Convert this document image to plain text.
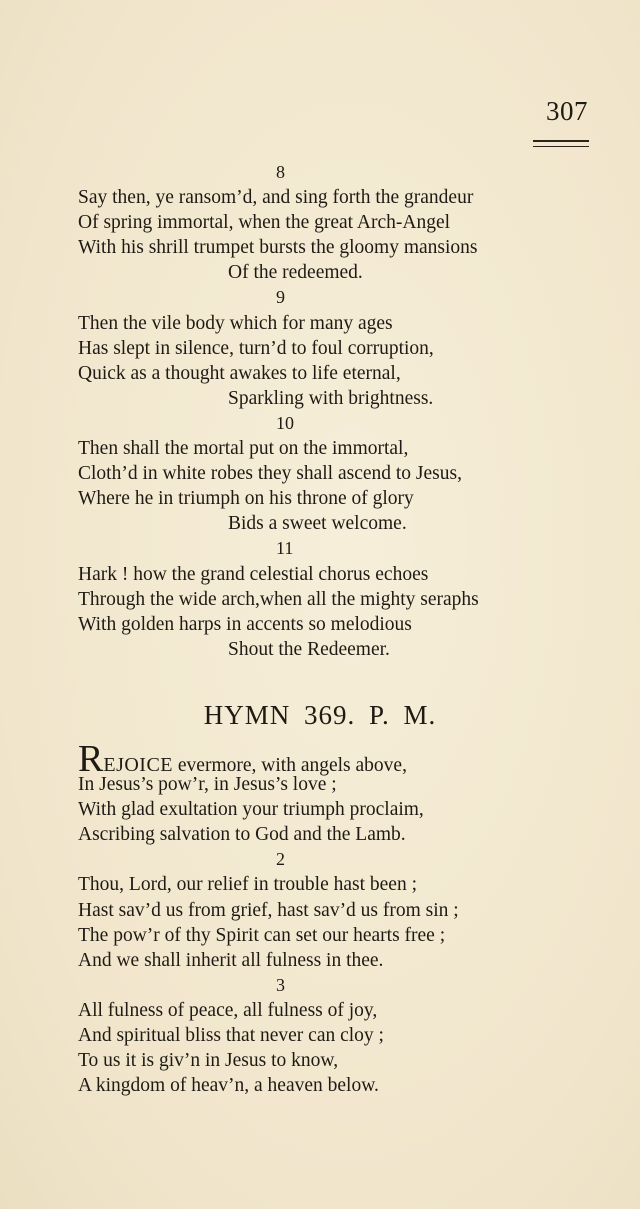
307
8
Say then, ye ransom’d, and sing forth the grandeur
Of spring immortal, when the great Arch-Angel
With his shrill trumpet bursts the gloomy mansions
Of the redeemed.
9
Then the vile body which for many ages
Has slept in silence, turn’d to foul corruption,
Quick as a thought awakes to life eternal,
Sparkling with brightness.
10
Then shall the mortal put on the immortal,
Cloth’d in white robes they shall ascend to Jesus,
Where he in triumph on his throne of glory
Bids a sweet welcome.
11
Hark ! how the grand celestial chorus echoes
Through the wide arch,when all the mighty seraphs
With golden harps in accents so melodious
Shout the Redeemer.
HYMN 369. P. M.
REJOICE evermore, with angels above,
In Jesus’s pow’r, in Jesus’s love ;
With glad exultation your triumph proclaim,
Ascribing salvation to God and the Lamb.
2
Thou, Lord, our relief in trouble hast been ;
Hast sav’d us from grief, hast sav’d us from sin ;
The pow’r of thy Spirit can set our hearts free ;
And we shall inherit all fulness in thee.
3
All fulness of peace, all fulness of joy,
And spiritual bliss that never can cloy ;
To us it is giv’n in Jesus to know,
A kingdom of heav’n, a heaven below.
